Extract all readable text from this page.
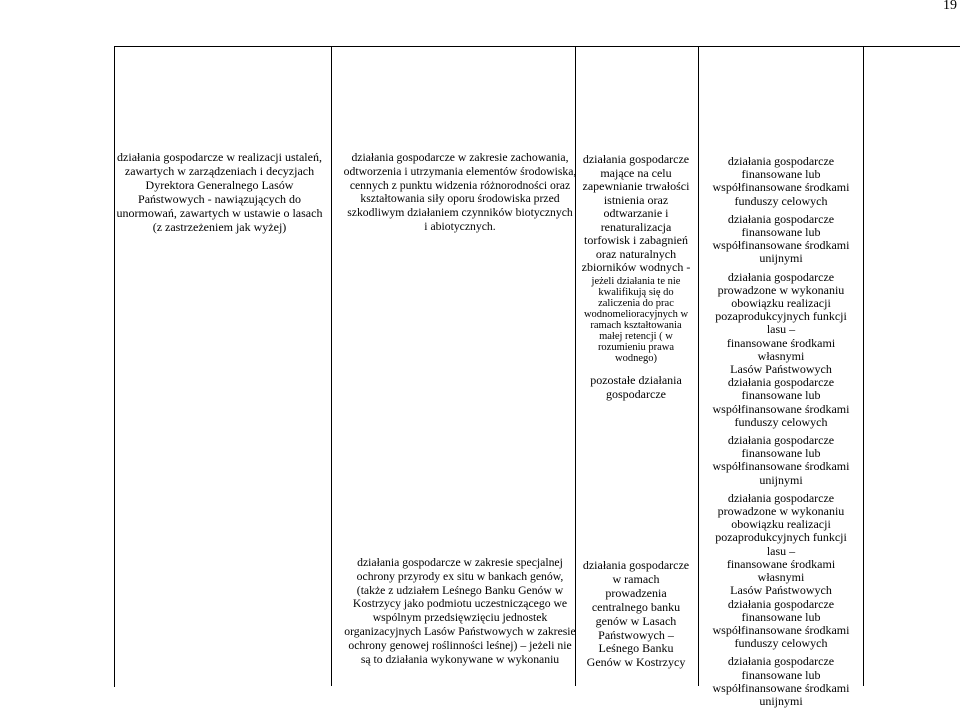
19

działania gospodarcze w realizacji ustaleń,

zawartych w zarządzeniach i decyzjach

Dyrektora Generalnego Lasów

Państwowych - nawiązujących do

unormowań, zawartych w ustawie o lasach

(z zastrzeżeniem jak wyżej)

działania gospodarcze w zakresie zachowania,

odtworzenia i utrzymania elementów środowiska,

cennych z punktu widzenia różnorodności oraz

kształtowania siły oporu środowiska przed

szkodliwym działaniem czynników biotycznych

i abiotycznych.

działania gospodarcze w zakresie specjalnej

ochrony przyrody ex situ w bankach genów,

(także z udziałem Leśnego Banku Genów w

Kostrzycy jako podmiotu uczestniczącego we

wspólnym przedsięwzięciu jednostek

organizacyjnych Lasów Państwowych w zakresie

ochrony genowej roślinności leśnej) – jeżeli nie

są to działania wykonywane w wykonaniu

działania gospodarcze

mające na celu

zapewnianie trwałości

istnienia oraz

odtwarzanie i

renaturalizacja

torfowisk i zabagnień

oraz naturalnych

zbiorników wodnych -

jeżeli działania te nie

kwalifikują się do

zaliczenia do prac

wodnomelioracyjnych w

ramach kształtowania

małej retencji ( w

rozumieniu prawa

wodnego)

pozostałe działania

gospodarcze

działania gospodarcze

w ramach

prowadzenia

centralnego banku

genów w Lasach

Państwowych –

Leśnego Banku

Genów w Kostrzycy

działania gospodarcze

finansowane lub

współfinansowane środkami

funduszy celowych

działania gospodarcze

finansowane lub

współfinansowane środkami

unijnymi

działania gospodarcze

prowadzone w wykonaniu

obowiązku realizacji

pozaprodukcyjnych funkcji lasu –

finansowane środkami własnymi

Lasów Państwowych

działania gospodarcze

finansowane lub

współfinansowane środkami

funduszy celowych

działania gospodarcze

finansowane lub

współfinansowane środkami

unijnymi

działania gospodarcze

prowadzone w wykonaniu

obowiązku realizacji

pozaprodukcyjnych funkcji lasu –

finansowane środkami własnymi

Lasów Państwowych

działania gospodarcze

finansowane lub

współfinansowane środkami

funduszy celowych

działania gospodarcze

finansowane lub

współfinansowane środkami

unijnymi
